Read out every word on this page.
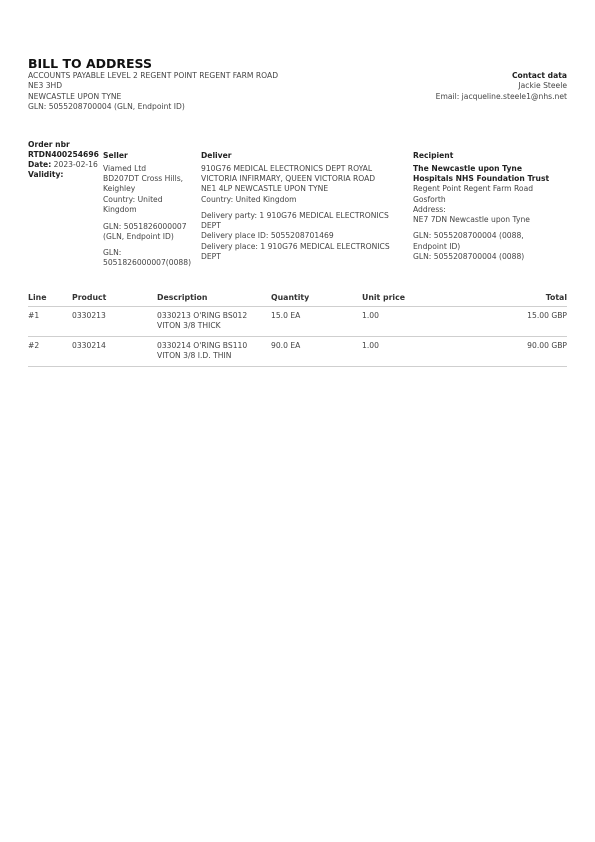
BILL TO ADDRESS
ACCOUNTS PAYABLE LEVEL 2 REGENT POINT REGENT FARM ROAD
NE3 3HD
NEWCASTLE UPON TYNE
GLN: 5055208700004 (GLN, Endpoint ID)
Contact data
Jackie Steele
Email: jacqueline.steele1@nhs.net
Order nbr
RTDN400254696
Date: 2023-02-16
Validity:
Seller
Viamed Ltd
BD207DT Cross Hills,
Keighley
Country: United
Kingdom
GLN: 5051826000007
(GLN, Endpoint ID)
GLN:
5051826000007(0088)
Deliver
910G76 MEDICAL ELECTRONICS DEPT ROYAL
VICTORIA INFIRMARY, QUEEN VICTORIA ROAD
NE1 4LP NEWCASTLE UPON TYNE
Country: United Kingdom
Delivery party: 1 910G76 MEDICAL ELECTRONICS
DEPT
Delivery place ID: 5055208701469
Delivery place: 1 910G76 MEDICAL ELECTRONICS
DEPT
Recipient
The Newcastle upon Tyne
Hospitals NHS Foundation Trust
Regent Point Regent Farm Road
Gosforth
Address:
NE7 7DN Newcastle upon Tyne
GLN: 5055208700004 (0088,
Endpoint ID)
GLN: 5055208700004 (0088)
Line	Product	Description	Quantity	Unit price	Total
#1	0330213	0330213 O'RING BS012
VITON 3/8 THICK
15.0 EA	1.00	15.00 GBP
#2	0330214	0330214 O'RING BS110
VITON 3/8 I.D. THIN
90.0 EA	1.00	90.00 GBP
